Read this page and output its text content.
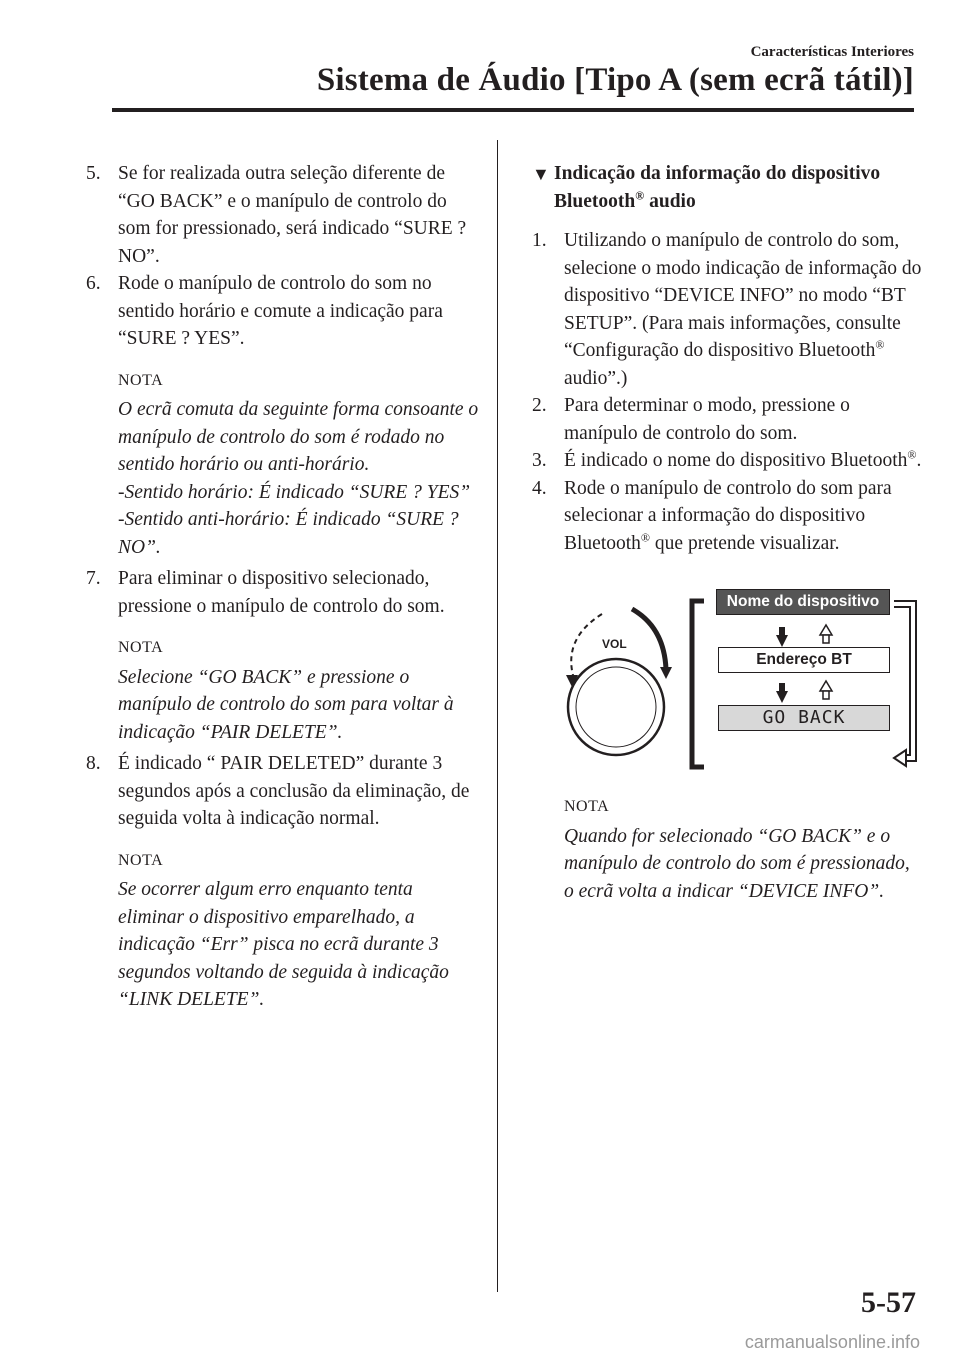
Características Interiores
Sistema de Áudio [Tipo A (sem ecrã tátil)]
5. Se for realizada outra seleção diferente de “GO BACK” e o manípulo de controlo do som for pressionado, será indicado “SURE ? NO”.
6. Rode o manípulo de controlo do som no sentido horário e comute a indicação para “SURE ? YES”.
NOTA

O ecrã comuta da seguinte forma consoante o manípulo de controlo do som é rodado no sentido horário ou anti-horário.

-Sentido horário: É indicado “SURE ? YES”

-Sentido anti-horário: É indicado “SURE ? NO”.

7. Para eliminar o dispositivo selecionado, pressione o manípulo de controlo do som.
NOTA

Selecione “GO BACK” e pressione o manípulo de controlo do som para voltar à indicação “PAIR DELETE”.

8. É indicado “ PAIR DELETED” durante 3 segundos após a conclusão da eliminação, de seguida volta à indicação normal.
NOTA

Se ocorrer algum erro enquanto tenta eliminar o dispositivo emparelhado, a indicação “Err” pisca no ecrã durante 3 segundos voltando de seguida à indicação “LINK DELETE”.

▼ Indicação da informação do dispositivo Bluetooth® audio
1. Utilizando o manípulo de controlo do som, selecione o modo indicação de informação do dispositivo “DEVICE INFO” no modo “BT SETUP”. (Para mais informações, consulte “Configuração do dispositivo Bluetooth® audio”.)
2. Para determinar o modo, pressione o manípulo de controlo do som.
3. É indicado o nome do dispositivo Bluetooth®.
4. Rode o manípulo de controlo do som para selecionar a informação do dispositivo Bluetooth® que pretende visualizar.
VOL
Nome do dispositivo
Endereço BT
GO BACK
NOTA

Quando for selecionado “GO BACK” e o manípulo de controlo do som é pressionado, o ecrã volta a indicar “DEVICE INFO”.

5-57
carmanualsonline.info
